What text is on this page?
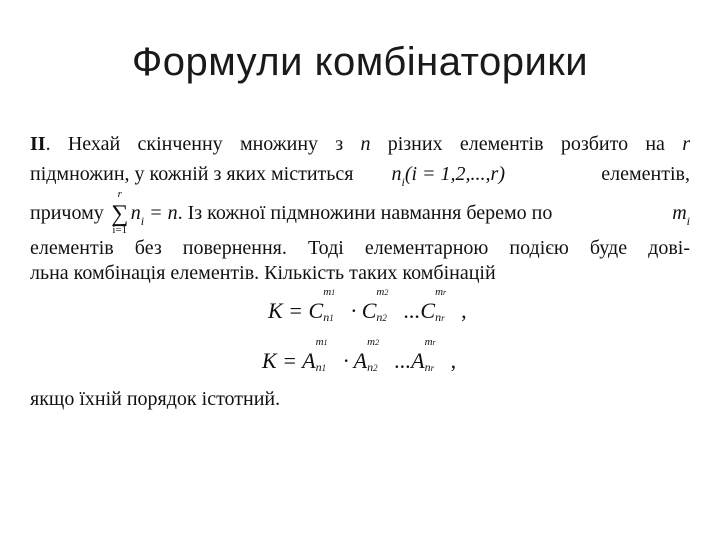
Формули комбінаторики
II. Нехай скінченну множину з n різних елементів розбито на r
підмножин, у кожній з яких міститься $n_i(i = 1,2,...,r)$	елементів,
причому
r
∑
i=1
$n_i = n$. Із кожної підмножини навмання беремо по	$m_i$
елементів без повернення. Тоді елементарною подією буде дові-
льна комбінація елементів. Кількість таких комбінацій
K = C
m1
n1 · C
m2
n2 ...C
mr
nr ,
K = A
m1
n1 · A
m2
n2 ...A
mr
nr ,
якщо їхній порядок істотний.
